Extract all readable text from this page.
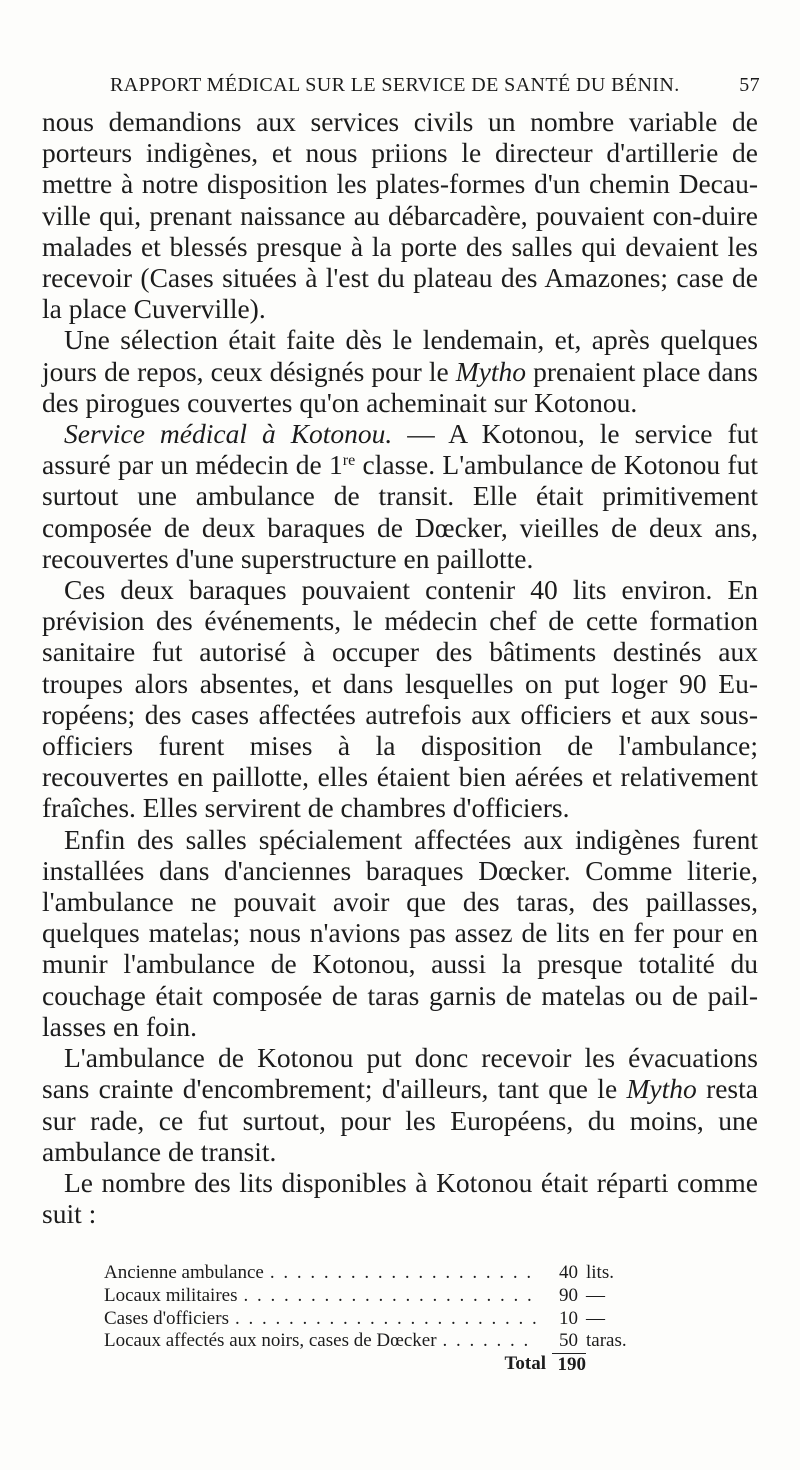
RAPPORT MÉDICAL SUR LE SERVICE DE SANTÉ DU BÉNIN.	57

nous demandions aux services civils un nombre variable de porteurs indigènes, et nous priions le directeur d'artillerie de mettre à notre disposition les plates-formes d'un chemin Decau-ville qui, prenant naissance au débarcadère, pouvaient con-duire malades et blessés presque à la porte des salles qui devaient les recevoir (Cases situées à l'est du plateau des Amazones; case de la place Cuverville).

Une sélection était faite dès le lendemain, et, après quelques jours de repos, ceux désignés pour le Mytho prenaient place dans des pirogues couvertes qu'on acheminait sur Kotonou.

Service médical à Kotonou. — A Kotonou, le service fut assuré par un médecin de 1re classe. L'ambulance de Kotonou fut surtout une ambulance de transit. Elle était primitivement composée de deux baraques de Dœcker, vieilles de deux ans, recouvertes d'une superstructure en paillotte.

Ces deux baraques pouvaient contenir 40 lits environ. En prévision des événements, le médecin chef de cette formation sanitaire fut autorisé à occuper des bâtiments destinés aux troupes alors absentes, et dans lesquelles on put loger 90 Eu-ropéens; des cases affectées autrefois aux officiers et aux sous-officiers furent mises à la disposition de l'ambulance; recouvertes en paillotte, elles étaient bien aérées et relativement fraîches. Elles servirent de chambres d'officiers.

Enfin des salles spécialement affectées aux indigènes furent installées dans d'anciennes baraques Dœcker. Comme literie, l'ambulance ne pouvait avoir que des taras, des paillasses, quelques matelas; nous n'avions pas assez de lits en fer pour en munir l'ambulance de Kotonou, aussi la presque totalité du couchage était composée de taras garnis de matelas ou de pail-lasses en foin.

L'ambulance de Kotonou put donc recevoir les évacuations sans crainte d'encombrement; d'ailleurs, tant que le Mytho resta sur rade, ce fut surtout, pour les Européens, du moins, une ambulance de transit.

Le nombre des lits disponibles à Kotonou était réparti comme suit :

Ancienne ambulance . . .	40 lits.
Locaux militaires . . .	90 —
Cases d'officiers . . .	10 —
Locaux affectés aux noirs, cases de Dœcker . . .	50 taras.
Total 190
